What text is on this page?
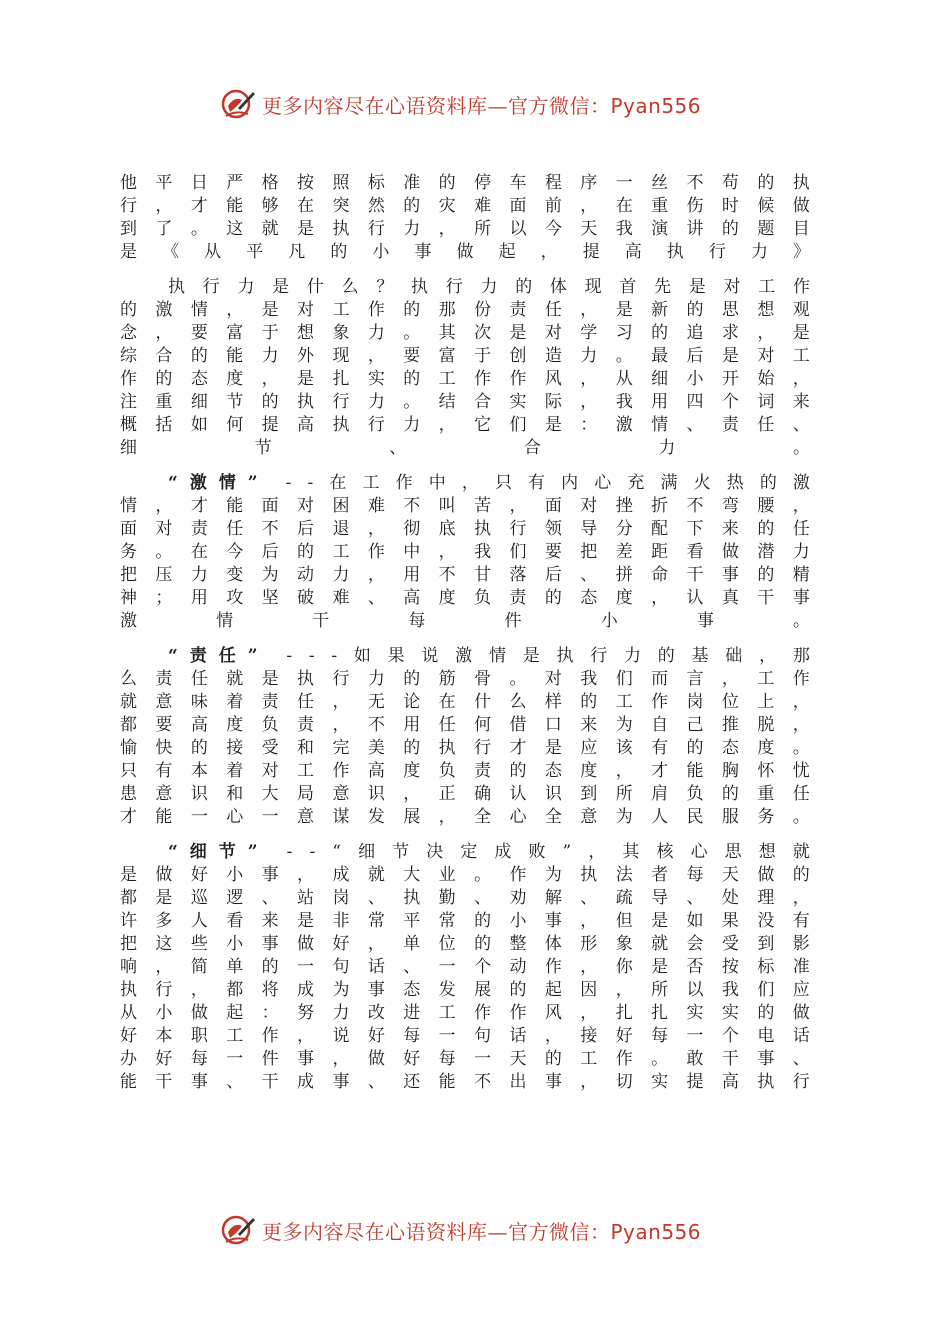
更多内容尽在心语资料库—官方微信：Pyan556
他 平 日 严 格 按 照 标 准 的 停 车 程 序 一 丝 不 苟 的 执
行 ， 才 能 够 在 突 然 的 灾 难 面 前 ， 在 重 伤 时 候 做
到 了 。 这 就 是 执 行 力 ， 所 以 今 天 我 演 讲 的 题 目
是 《 从 平 凡 的 小 事 做 起 ， 提 高 执 行 力 》
执 行 力 是 什 么 ？ 执 行 力 的 体 现 首 先 是 对 工 作
的 激 情 ， 是 对 工 作 的 那 份 责 任 ， 是 新 的 思 想 观
念 ， 要 富 于 想 象 力 。 其 次 是 对 学 习 的 追 求 ， 是
综 合 的 能 力 外 现 ， 要 富 于 创 造 力 。 最 后 是 对 工
作 的 态 度 ， 是 扎 实 的 工 作 作 风 ， 从 细 小 开 始 ，
注 重 细 节 的 执 行 力 。 结 合 实 际 ， 我 用 四 个 词 来
概 括 如 何 提 高 执 行 力 ， 它 们 是 ： 激 情 、 责 任 、
细	节	、	合	力	。
“激情” - - 在 工 作 中 ， 只 有 内 心 充 满 火 热 的 激
情 ， 才 能 面 对 困 难 不 叫 苦 ， 面 对 挫 折 不 弯 腰 ，
面 对 责 任 不 后 退 ， 彻 底 执 行 领 导 分 配 下 来 的 任
务 。 在 今 后 的 工 作 中 ， 我 们 要 把 差 距 看 做 潜 力
把 压 力 变 为 动 力 ， 用 不 甘 落 后 、 拼 命 干 事 的 精
神 ； 用 攻 坚 破 难 、 高 度 负 责 的 态 度 ， 认 真 干 事
激	情	干	每	件	小	事	。
“责任” - - - 如 果 说 激 情 是 执 行 力 的 基 础 ， 那
么 责 任 就 是 执 行 力 的 筋 骨 。 对 我 们 而 言 ， 工 作
就 意 味 着 责 任 ， 无 论 在 什 么 样 的 工 作 岗 位 上 ，
都 要 高 度 负 责 ， 不 用 任 何 借 口 来 为 自 己 推 脱 ，
愉 快 的 接 受 和 完 美 的 执 行 才 是 应 该 有 的 态 度 。
只 有 本 着 对 工 作 高 度 负 责 的 态 度 ， 才 能 胸 怀 忧
患 意 识 和 大 局 意 识 ， 正 确 认 识 到 所 肩 负 的 重 任
才 能 一 心 一 意 谋 发 展 ， 全 心 全 意 为 人 民 服 务 。
“细节” - - “ 细 节 决 定 成 败 ” ， 其 核 心 思 想 就
是 做 好 小 事 ， 成 就 大 业 。 作 为 执 法 者 每 天 做 的
都 是 巡 逻 、 站 岗 、 执 勤 、 劝 解 、 疏 导 、 处 理 ，
许 多 人 看 来 是 非 常 平 常 的 小 事 ， 但 是 如 果 没 有
把 这 些 小 事 做 好 ， 单 位 的 整 体 形 象 就 会 受 到 影
响 ， 简 单 的 一 句 话 、 一 个 动 作 ， 你 是 否 按 标 准
执 行 ， 都 将 成 为 事 态 发 展 的 起 因 ， 所 以 我 们 应
从 小 做 起 ： 努 力 改 进 工 作 作 风 ， 扎 扎 实 实 的 做
好 本 职 工 作 ， 说 好 每 一 句 话 ， 接 好 每 一 个 电 话
办 好 每 一 件 事 ， 做 好 每 一 天 的 工 作 。 敢 干 事 、
能 干 事 、 干 成 事 、 还 能 不 出 事 ， 切 实 提 高 执 行
更多内容尽在心语资料库—官方微信：Pyan556
